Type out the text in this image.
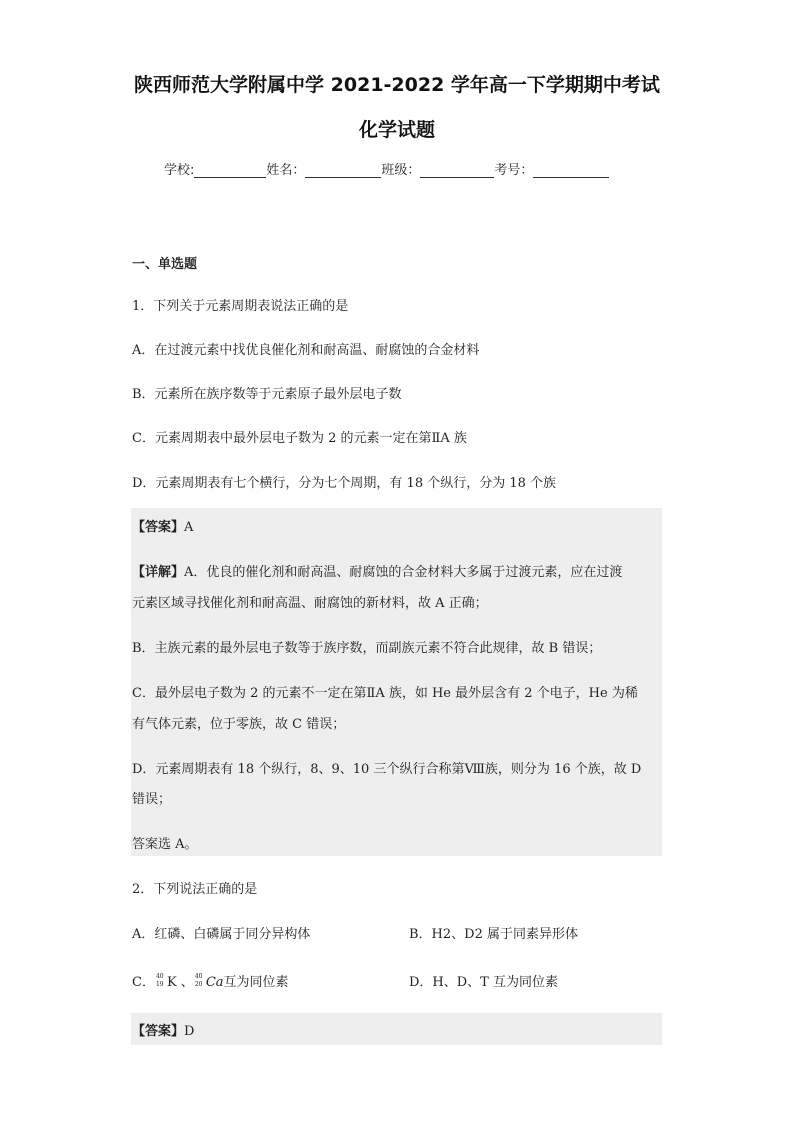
陕西师范大学附属中学 2021-2022 学年高一下学期期中考试
化学试题
学校:	姓名：	班级：	考号：
一、单选题
1．下列关于元素周期表说法正确的是
A．在过渡元素中找优良催化剂和耐高温、耐腐蚀的合金材料
B．元素所在族序数等于元素原子最外层电子数
C．元素周期表中最外层电子数为 2 的元素一定在第ⅡA 族
D．元素周期表有七个横行，分为七个周期，有 18 个纵行，分为 18 个族
【答案】A
【详解】A．优良的催化剂和耐高温、耐腐蚀的合金材料大多属于过渡元素，应在过渡
元素区域寻找催化剂和耐高温、耐腐蚀的新材料，故 A 正确；
B．主族元素的最外层电子数等于族序数，而副族元素不符合此规律，故 B 错误；
C．最外层电子数为 2 的元素不一定在第ⅡA 族，如 He 最外层含有 2 个电子，He 为稀
有气体元素，位于零族，故 C 错误；
D．元素周期表有 18 个纵行，8、9、10 三个纵行合称第Ⅷ族，则分为 16 个族，故 D
错误；
答案选 A。
2．下列说法正确的是
A．红磷、白磷属于同分异构体	B．H2、D2 属于同素异形体
C． 40
19 K 、 40
20 Ca互为同位素	D．H、D、T 互为同位素
【答案】D
